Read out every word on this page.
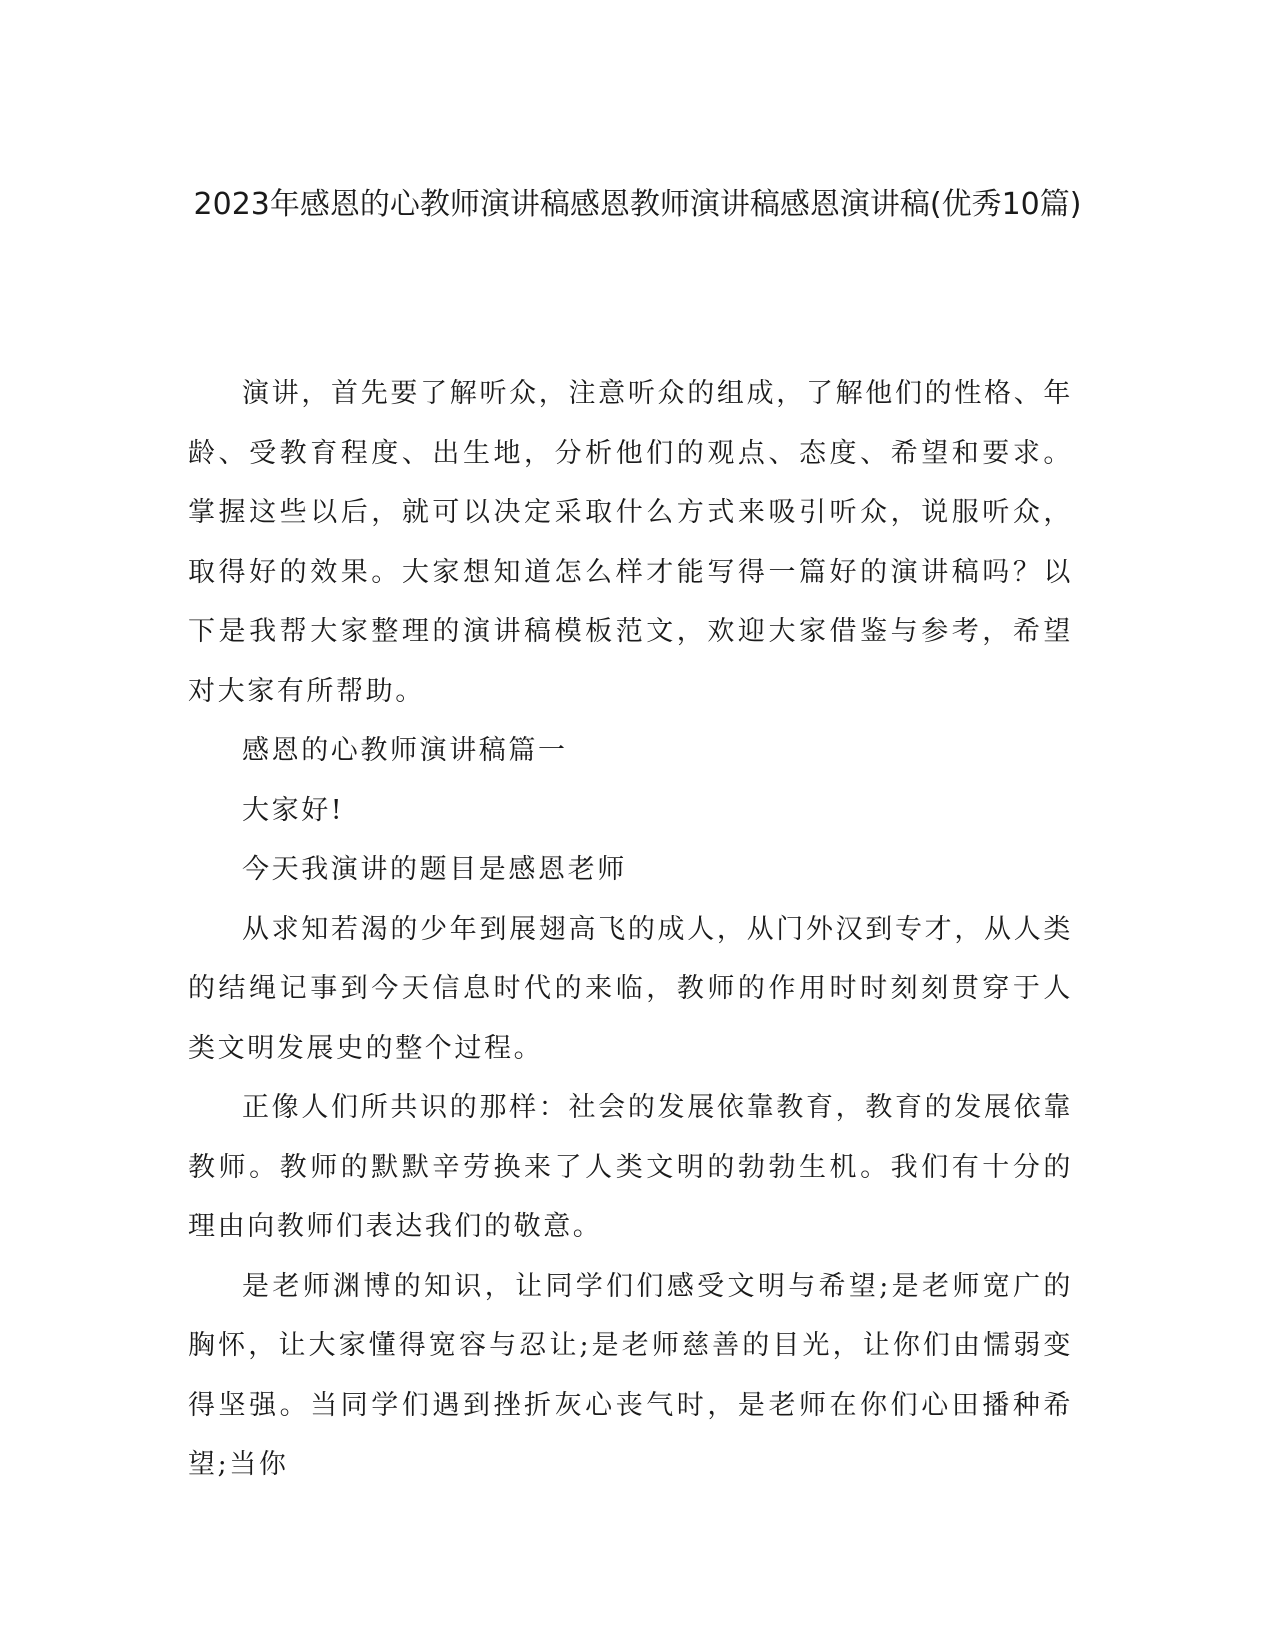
2023年感恩的心教师演讲稿感恩教师演讲稿感恩演讲稿(优秀10篇)

演讲，首先要了解听众，注意听众的组成，了解他们的性格、年龄、受教育程度、出生地，分析他们的观点、态度、希望和要求。掌握这些以后，就可以决定采取什么方式来吸引听众，说服听众，取得好的效果。大家想知道怎么样才能写得一篇好的演讲稿吗？以下是我帮大家整理的演讲稿模板范文，欢迎大家借鉴与参考，希望对大家有所帮助。

感恩的心教师演讲稿篇一

大家好!

今天我演讲的题目是感恩老师

从求知若渴的少年到展翅高飞的成人，从门外汉到专才，从人类的结绳记事到今天信息时代的来临，教师的作用时时刻刻贯穿于人类文明发展史的整个过程。

正像人们所共识的那样：社会的发展依靠教育，教育的发展依靠教师。教师的默默辛劳换来了人类文明的勃勃生机。我们有十分的理由向教师们表达我们的敬意。

是老师渊博的知识，让同学们们感受文明与希望;是老师宽广的胸怀，让大家懂得宽容与忍让;是老师慈善的目光，让你们由懦弱变得坚强。当同学们遇到挫折灰心丧气时，是老师在你们心田播种希望;当你
